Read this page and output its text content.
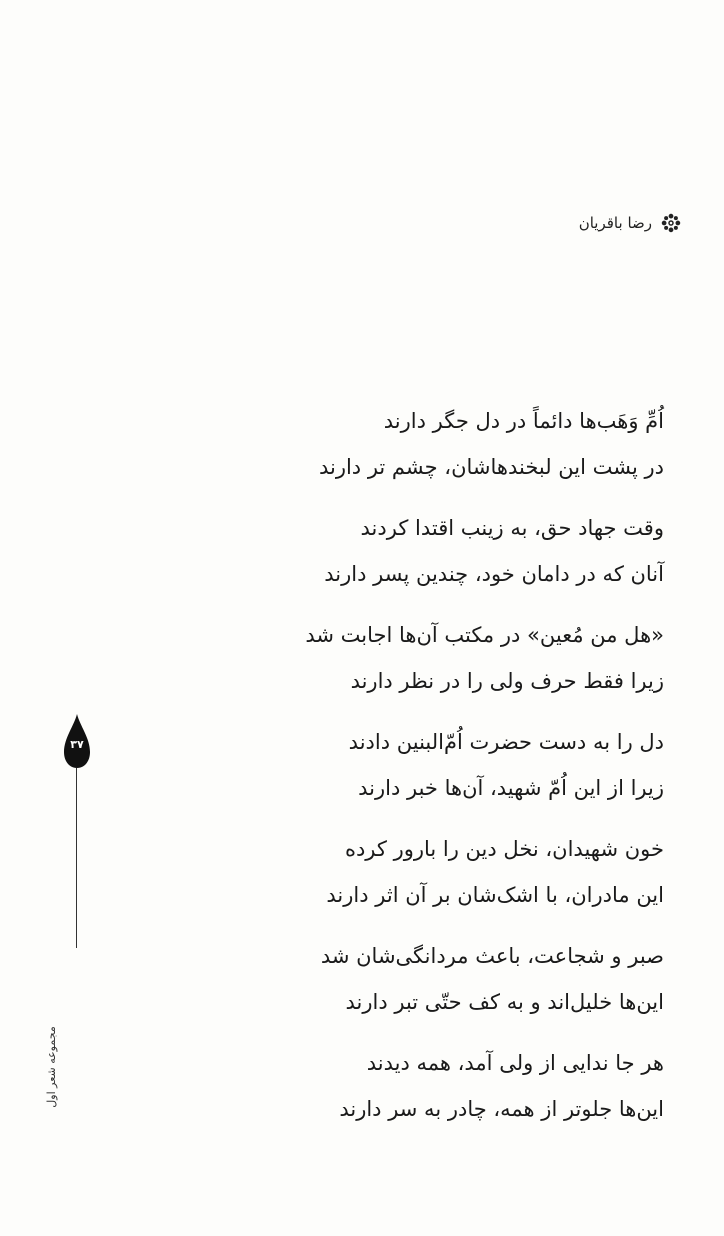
رضا باقریان
اُمِّ وَهَب‌ها دائماً در دل جگر دارند
در پشت این لبخندهاشان، چشم تر دارند
وقت جهاد حق، به زینب اقتدا کردند
آنان که در دامان خود، چندین پسر دارند
«هل من مُعین» در مکتب آن‌ها اجابت شد
زیرا فقط حرف ولی را در نظر دارند
دل را به دست حضرت اُمّ‌البنین دادند
زیرا از این اُمّ شهید، آن‌ها خبر دارند
خون شهیدان، نخل دین را بارور کرده
این مادران، با اشک‌شان بر آن اثر دارند
صبر و شجاعت، باعث مردانگی‌شان شد
این‌ها خلیل‌اند و به کف حتّی تبر دارند
هر جا ندایی از ولی آمد، همه دیدند
این‌ها جلوتر از همه، چادر به سر دارند
۳۷
مجموعه شعر اول
